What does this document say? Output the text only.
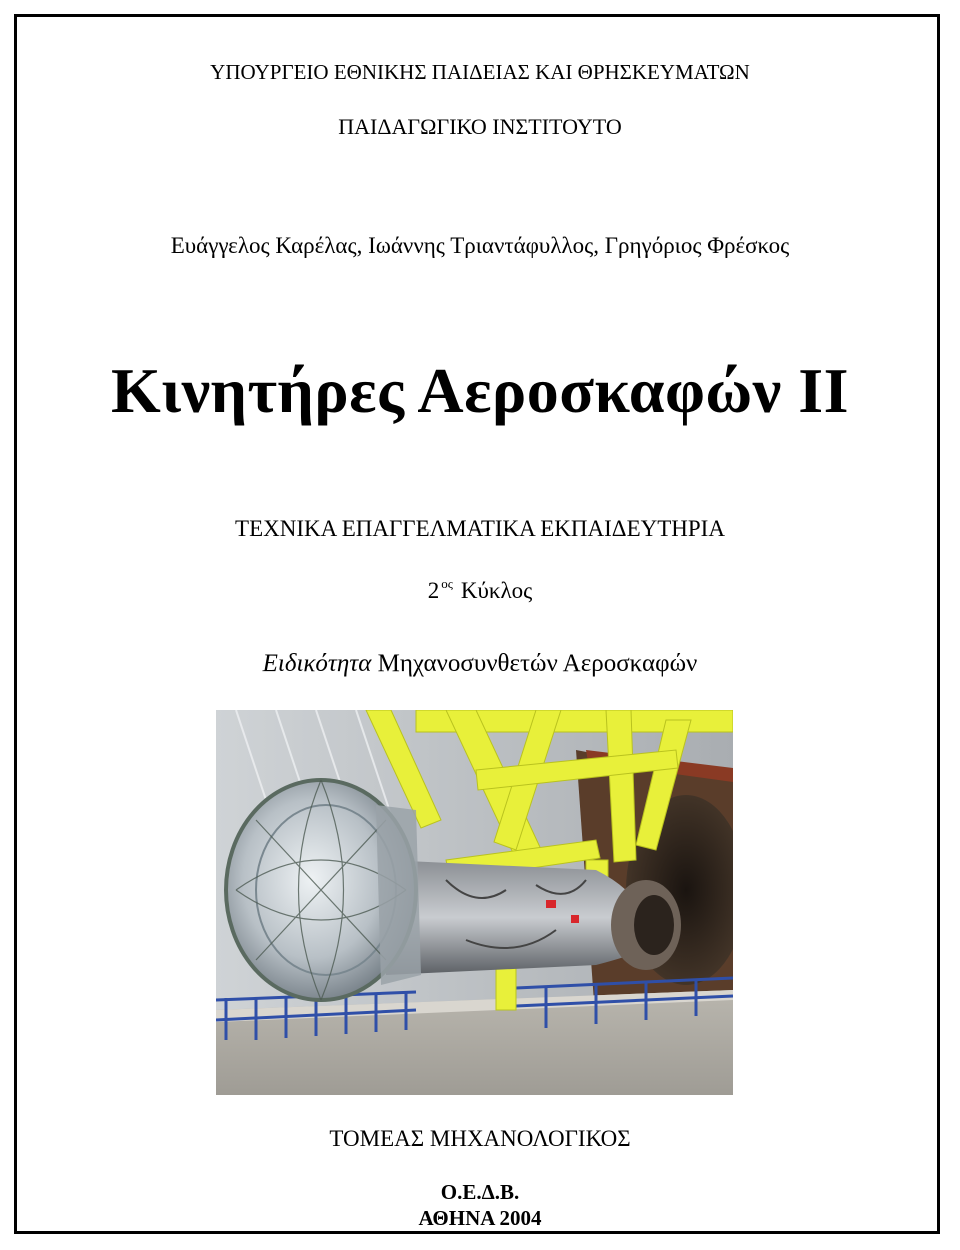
ΥΠΟΥΡΓΕΙΟ ΕΘΝΙΚΗΣ ΠΑΙΔΕΙΑΣ ΚΑΙ ΘΡΗΣΚΕΥΜΑΤΩΝ
ΠΑΙΔΑΓΩΓΙΚΟ ΙΝΣΤΙΤΟΥΤΟ
Ευάγγελος Καρέλας, Ιωάννης Τριαντάφυλλος, Γρηγόριος Φρέσκος
Κινητήρες Αεροσκαφών ΙΙ
ΤΕΧΝΙΚΑ ΕΠΑΓΓΕΛΜΑΤΙΚΑ ΕΚΠΑΙΔΕΥΤΗΡΙΑ
2 $^{o\varsigma}$ Κύκλος
Ειδικότητα Μηχανοσυνθετών Αεροσκαφών
ΤΟΜΕΑΣ ΜΗΧΑΝΟΛΟΓΙΚΟΣ
Ο.Ε.Δ.Β.
ΑΘΗΝΑ 2004
